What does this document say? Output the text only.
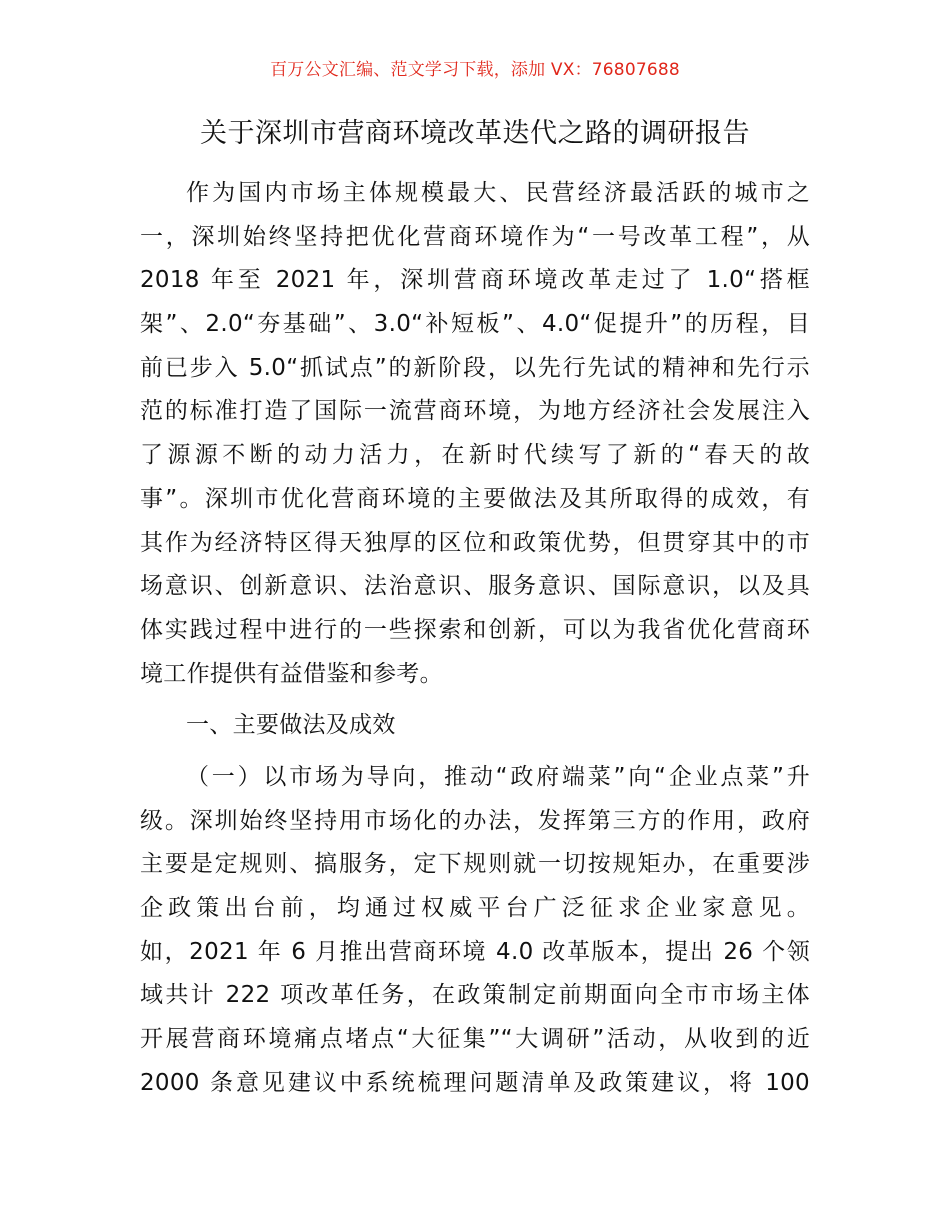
百万公文汇编、范文学习下载，添加 VX：76807688
关于深圳市营商环境改革迭代之路的调研报告
作为国内市场主体规模最大、民营经济最活跃的城市之
一，深圳始终坚持把优化营商环境作为“一号改革工程”，从
2018 年至 2021 年，深圳营商环境改革走过了 1.0“搭框
架”、2.0“夯基础”、3.0“补短板”、4.0“促提升”的历程，目
前已步入 5.0“抓试点”的新阶段，以先行先试的精神和先行示
范的标准打造了国际一流营商环境，为地方经济社会发展注入
了源源不断的动力活力，在新时代续写了新的“春天的故
事”。深圳市优化营商环境的主要做法及其所取得的成效，有
其作为经济特区得天独厚的区位和政策优势，但贯穿其中的市
场意识、创新意识、法治意识、服务意识、国际意识，以及具
体实践过程中进行的一些探索和创新，可以为我省优化营商环
境工作提供有益借鉴和参考。
一、主要做法及成效
（一）以市场为导向，推动“政府端菜”向“企业点菜”升
级。深圳始终坚持用市场化的办法，发挥第三方的作用，政府
主要是定规则、搞服务，定下规则就一切按规矩办，在重要涉
企政策出台前，均通过权威平台广泛征求企业家意见。
如，2021 年 6 月推出营商环境 4.0 改革版本，提出 26 个领
域共计 222 项改革任务，在政策制定前期面向全市市场主体
开展营商环境痛点堵点“大征集”“大调研”活动，从收到的近
2000 条意见建议中系统梳理问题清单及政策建议，将 100
